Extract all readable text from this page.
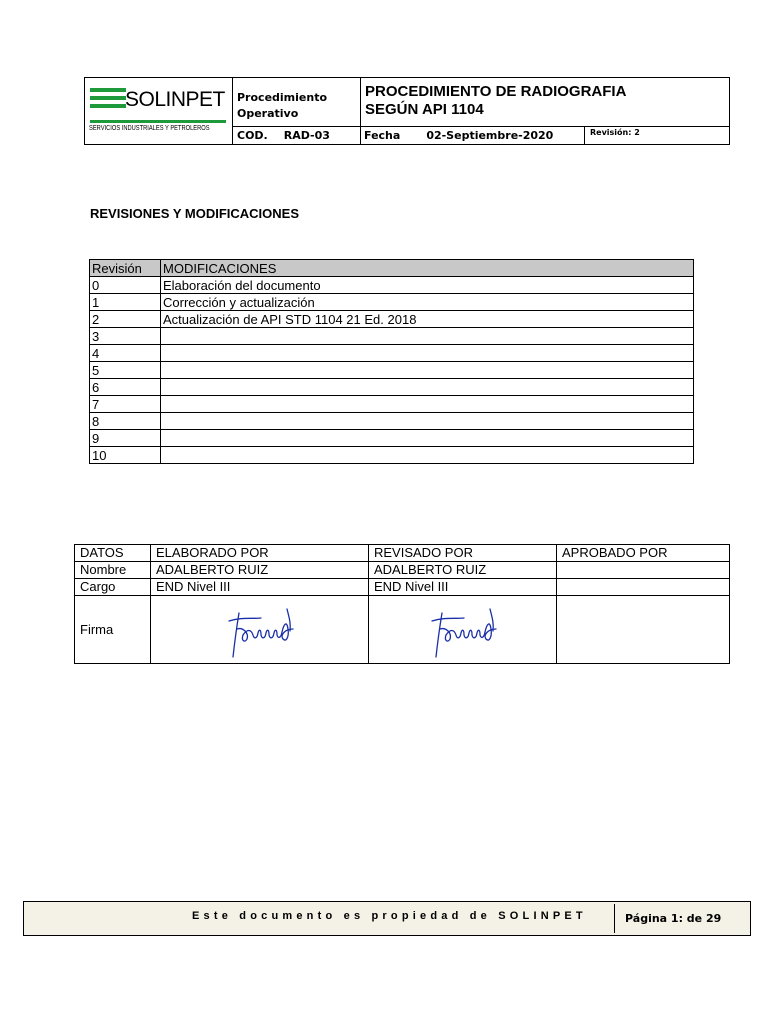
SOLINPET
SERVICIOS INDUSTRIALES Y PETROLEROS
Procedimiento
Operativo
PROCEDIMIENTO DE RADIOGRAFIA
SEGÚN API 1104
COD. RAD-03	Fecha 02-Septiembre-2020	Revisión: 2
REVISIONES Y MODIFICACIONES
Revisión	MODIFICACIONES
0	Elaboración del documento
1	Corrección y actualización
2	Actualización de API STD 1104 21 Ed. 2018
3	
4	
5	
6	
7	
8	
9	
10	
DATOS	ELABORADO POR	REVISADO POR	APROBADO POR
Nombre	ADALBERTO RUIZ	ADALBERTO RUIZ	
Cargo	END Nivel III	END Nivel III	
Firma	

Este documento es propiedad de SOLINPET	Página 1: de 29
